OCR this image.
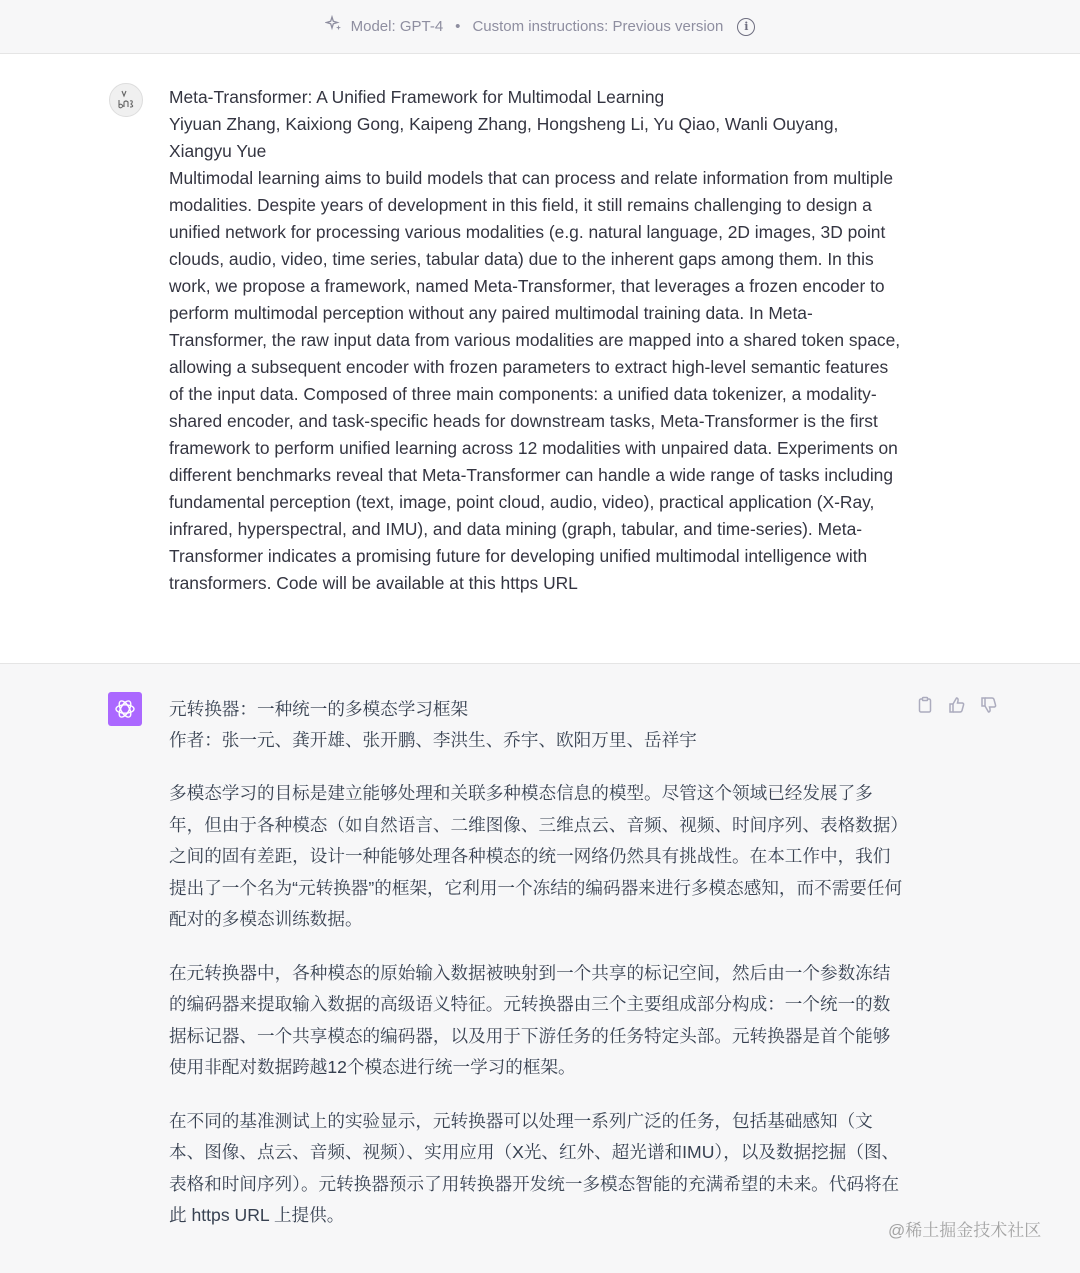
Model: GPT-4 • Custom instructions: Previous version	i

Meta-Transformer: A Unified Framework for Multimodal Learning

Yiyuan Zhang, Kaixiong Gong, Kaipeng Zhang, Hongsheng Li, Yu Qiao, Wanli Ouyang, Xiangyu Yue

Multimodal learning aims to build models that can process and relate information from multiple modalities. Despite years of development in this field, it still remains challenging to design a unified network for processing various modalities (e.g. natural language, 2D images, 3D point clouds, audio, video, time series, tabular data) due to the inherent gaps among them. In this work, we propose a framework, named Meta-Transformer, that leverages a frozen encoder to perform multimodal perception without any paired multimodal training data. In Meta-Transformer, the raw input data from various modalities are mapped into a shared token space, allowing a subsequent encoder with frozen parameters to extract high-level semantic features of the input data. Composed of three main components: a unified data tokenizer, a modality-shared encoder, and task-specific heads for downstream tasks, Meta-Transformer is the first framework to perform unified learning across 12 modalities with unpaired data. Experiments on different benchmarks reveal that Meta-Transformer can handle a wide range of tasks including fundamental perception (text, image, point cloud, audio, video), practical application (X-Ray, infrared, hyperspectral, and IMU), and data mining (graph, tabular, and time-series). Meta-Transformer indicates a promising future for developing unified multimodal intelligence with transformers. Code will be available at this https URL

元转换器：一种统一的多模态学习框架

作者：张一元、龚开雄、张开鹏、李洪生、乔宇、欧阳万里、岳祥宇

多模态学习的目标是建立能够处理和关联多种模态信息的模型。尽管这个领域已经发展了多年，但由于各种模态（如自然语言、二维图像、三维点云、音频、视频、时间序列、表格数据）之间的固有差距，设计一种能够处理各种模态的统一网络仍然具有挑战性。在本工作中，我们提出了一个名为“元转换器”的框架，它利用一个冻结的编码器来进行多模态感知，而不需要任何配对的多模态训练数据。

在元转换器中，各种模态的原始输入数据被映射到一个共享的标记空间，然后由一个参数冻结的编码器来提取输入数据的高级语义特征。元转换器由三个主要组成部分构成：一个统一的数据标记器、一个共享模态的编码器，以及用于下游任务的任务特定头部。元转换器是首个能够使用非配对数据跨越12个模态进行统一学习的框架。

在不同的基准测试上的实验显示，元转换器可以处理一系列广泛的任务，包括基础感知（文本、图像、点云、音频、视频）、实用应用（X光、红外、超光谱和IMU），以及数据挖掘（图、表格和时间序列）。元转换器预示了用转换器开发统一多模态智能的充满希望的未来。代码将在此 https URL 上提供。

@稀土掘金技术社区
